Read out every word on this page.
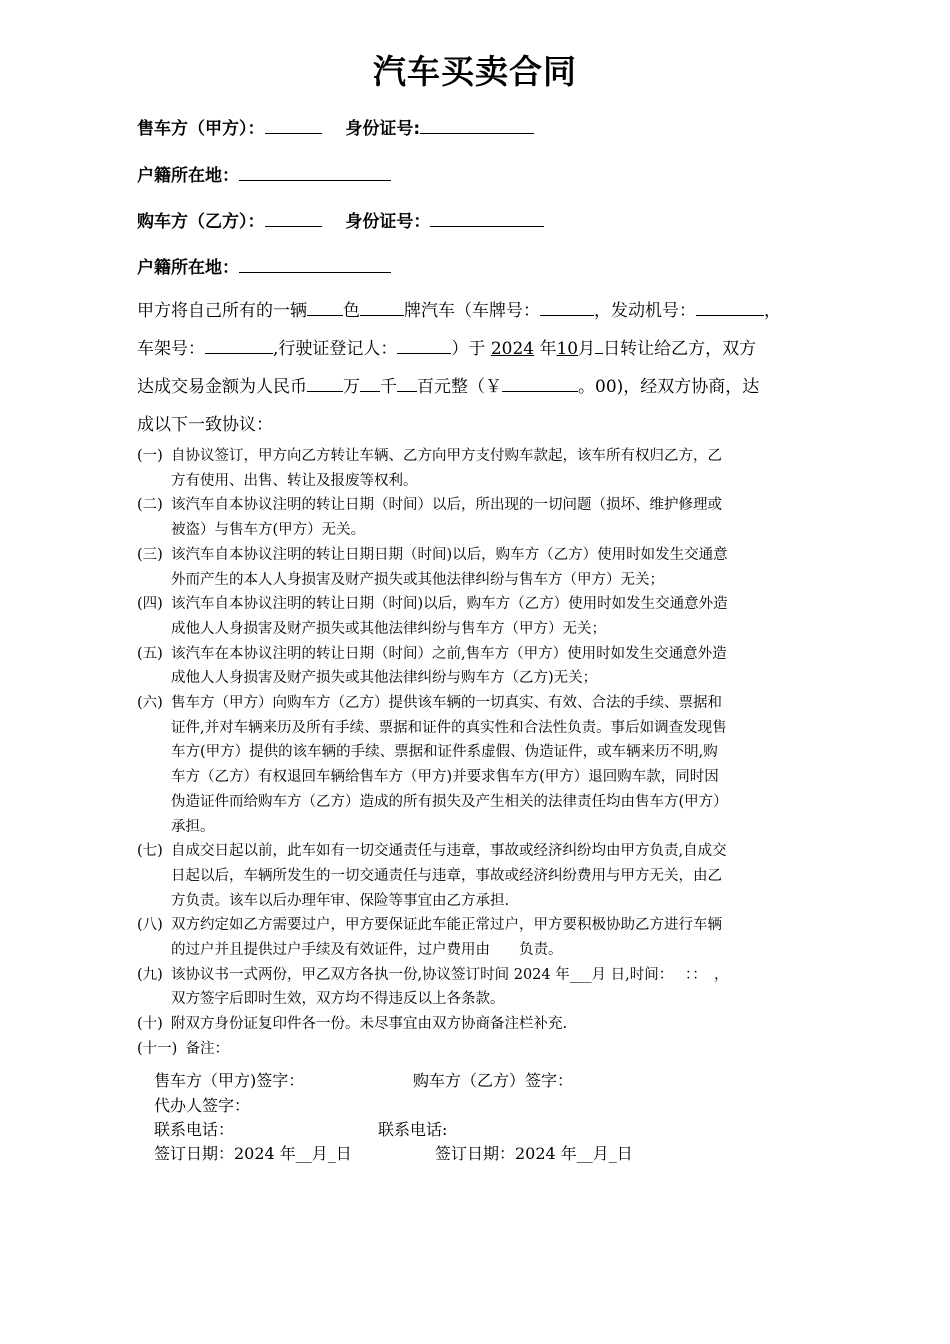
汽车买卖合同
售车方（甲方）：	身份证号:
户籍所在地：
购车方（乙方）：	身份证号：
户籍所在地：
甲方将自己所有的一辆 色	牌汽车（车牌号：	，发动机号：	，
车架号：	,行驶证登记人：	）于 2024 年10月 日转让给乙方，双方
达成交易金额为人民币 万 千 百元整（￥	。00)，经双方协商，达
成以下一致协议：
(一) 自协议签订，甲方向乙方转让车辆、乙方向甲方支付购车款起，该车所有权归乙方，乙
方有使用、出售、转让及报废等权利。
(二) 该汽车自本协议注明的转让日期（时间）以后，所出现的一切问题（损坏、维护修理或
被盗）与售车方(甲方）无关。
(三) 该汽车自本协议注明的转让日期日期（时间)以后，购车方（乙方）使用时如发生交通意
外而产生的本人人身损害及财产损失或其他法律纠纷与售车方（甲方）无关；
(四) 该汽车自本协议注明的转让日期（时间)以后，购车方（乙方）使用时如发生交通意外造
成他人人身损害及财产损失或其他法律纠纷与售车方（甲方）无关；
(五) 该汽车在本协议注明的转让日期（时间）之前,售车方（甲方）使用时如发生交通意外造
成他人人身损害及财产损失或其他法律纠纷与购车方（乙方)无关；
(六) 售车方（甲方）向购车方（乙方）提供该车辆的一切真实、有效、合法的手续、票据和
证件,并对车辆来历及所有手续、票据和证件的真实性和合法性负责。事后如调查发现售
车方(甲方）提供的该车辆的手续、票据和证件系虚假、伪造证件，或车辆来历不明,购
车方（乙方）有权退回车辆给售车方（甲方)并要求售车方(甲方）退回购车款，同时因
伪造证件而给购车方（乙方）造成的所有损失及产生相关的法律责任均由售车方(甲方）
承担。
(七) 自成交日起以前，此车如有一切交通责任与违章，事故或经济纠纷均由甲方负责,自成交
日起以后，车辆所发生的一切交通责任与违章，事故或经济纠纷费用与甲方无关，由乙
方负责。该车以后办理年审、保险等事宜由乙方承担.
(八) 双方约定如乙方需要过户，甲方要保证此车能正常过户，甲方要积极协助乙方进行车辆
的过户并且提供过户手续及有效证件，过户费用由　　负责。
(九) 该协议书一式两份，甲乙双方各执一份,协议签订时间 2024 年___月 日,时间：　 ：：　，
双方签字后即时生效，双方均不得违反以上各条款。
(十) 附双方身份证复印件各一份。未尽事宜由双方协商备注栏补充.
(十一)
　备注：
售车方（甲方)签字：	购车方（乙方）签字：
代办人签字：
联系电话：	联系电话:
签订日期：2024 年__月_日	签订日期：2024 年__月_日
